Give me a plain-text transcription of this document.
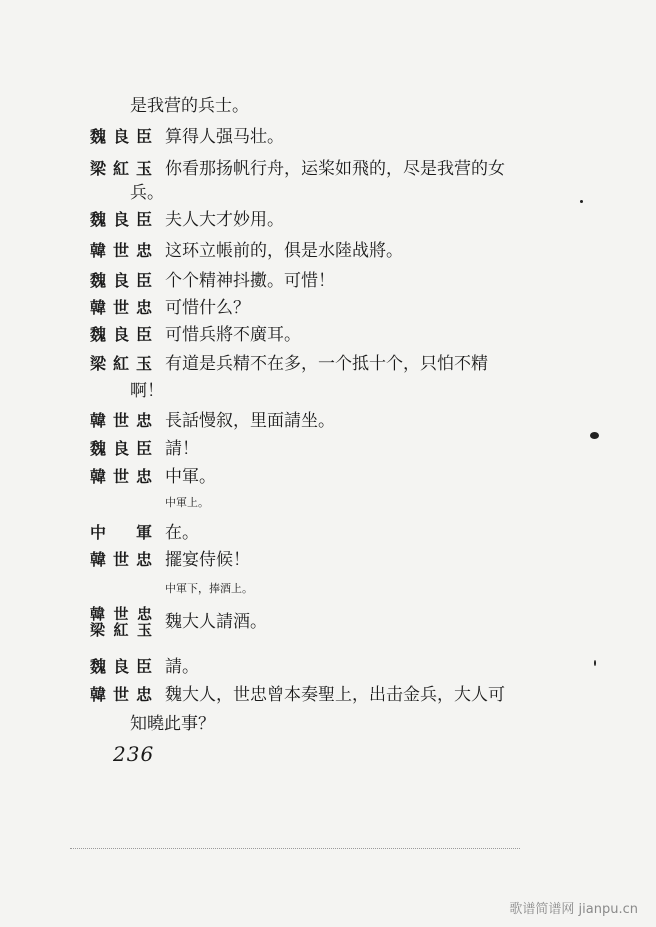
是我营的兵士。
魏良臣 算得人强马壮。
梁紅玉 你看那扬帆行舟，运桨如飛的，尽是我营的女
兵。
魏良臣 夫人大才妙用。
韓世忠 这环立帳前的，俱是水陸战將。
魏良臣 个个精神抖擻。可惜！
韓世忠 可惜什么？
魏良臣 可惜兵將不廣耳。
梁紅玉 有道是兵精不在多，一个抵十个，只怕不精
啊！
韓世忠 長話慢叙，里面請坐。
魏良臣 請！
韓世忠 中軍。
中軍上。
中　軍 在。
韓世忠 擺宴侍候！
中軍下，捧酒上。
韓世忠
梁紅玉 魏大人請酒。
魏良臣 請。
韓世忠 魏大人，世忠曾本奏聖上，出击金兵，大人可
知曉此事？
236
歌谱简谱网 jianpu.cn
